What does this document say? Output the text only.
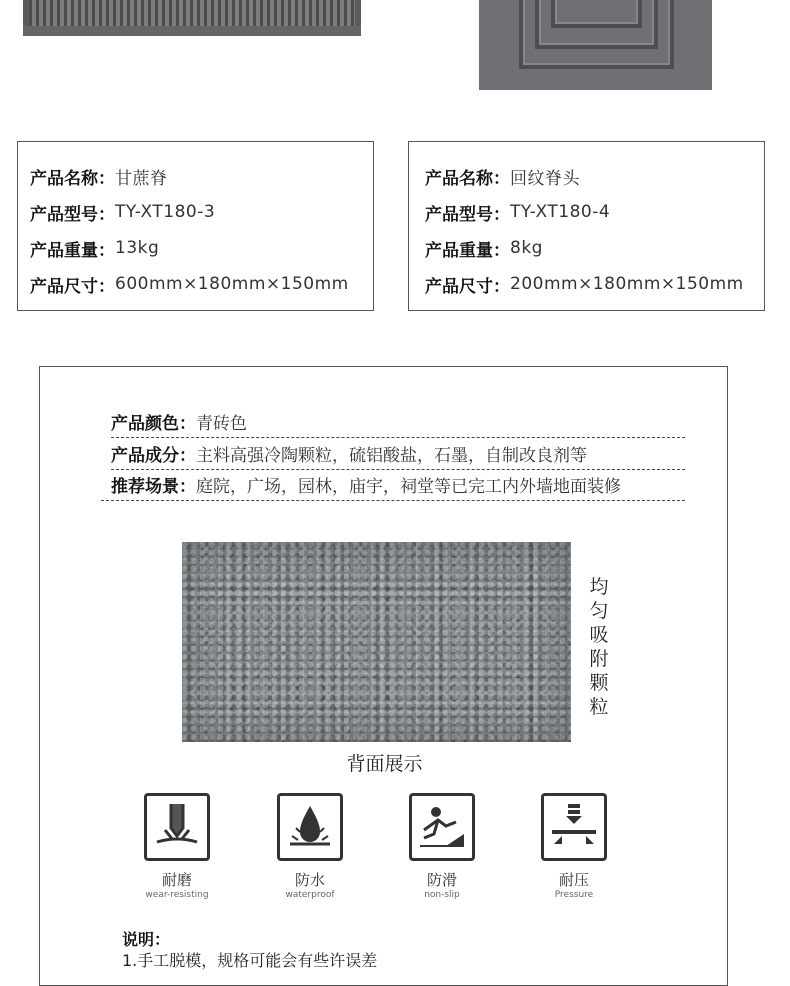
产品名称： 甘蔗脊
产品型号： TY-XT180-3
产品重量： 13kg
产品尺寸： 600mm×180mm×150mm
产品名称： 回纹脊头
产品型号： TY-XT180-4
产品重量： 8kg
产品尺寸： 200mm×180mm×150mm
产品颜色： 青砖色
产品成分： 主料高强冷陶颗粒，硫铝酸盐，石墨，自制改良剂等
推荐场景： 庭院，广场，园林，庙宇，祠堂等已完工内外墙地面装修
均匀吸附颗粒
背面展示
耐磨
wear-resisting
防水
waterproof
防滑
non-slip
耐压
Pressure
说明：
1.手工脱模，规格可能会有些许误差
